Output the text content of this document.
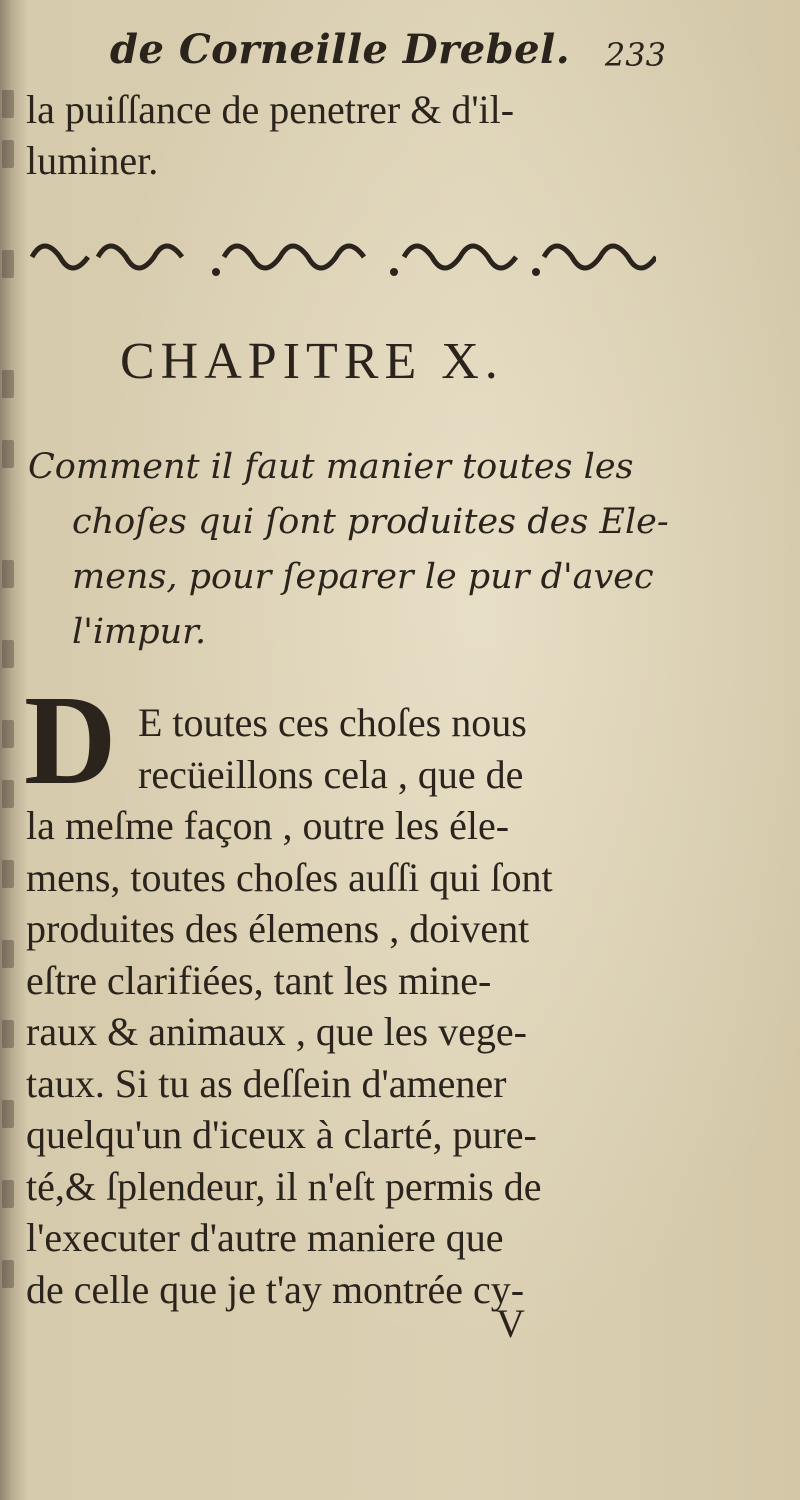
de Corneille Drebel. 233
la puiſſance de penetrer & d'il-
luminer.
CHAPITRE X.
Comment il faut manier toutes les
choſes qui ſont produites des Ele-
mens, pour ſeparer le pur d'avec
l'impur.
D E toutes ces choſes nous
recüeillons cela , que de
la meſme façon , outre les éle-
mens, toutes choſes auſſi qui ſont
produites des élemens , doivent
eſtre clarifiées, tant les mine-
raux & animaux , que les vege-
taux. Si tu as deſſein d'amener
quelqu'un d'iceux à clarté, pure-
té,& ſplendeur, il n'eſt permis de
l'executer d'autre maniere que
de celle que je t'ay montrée cy-
V
